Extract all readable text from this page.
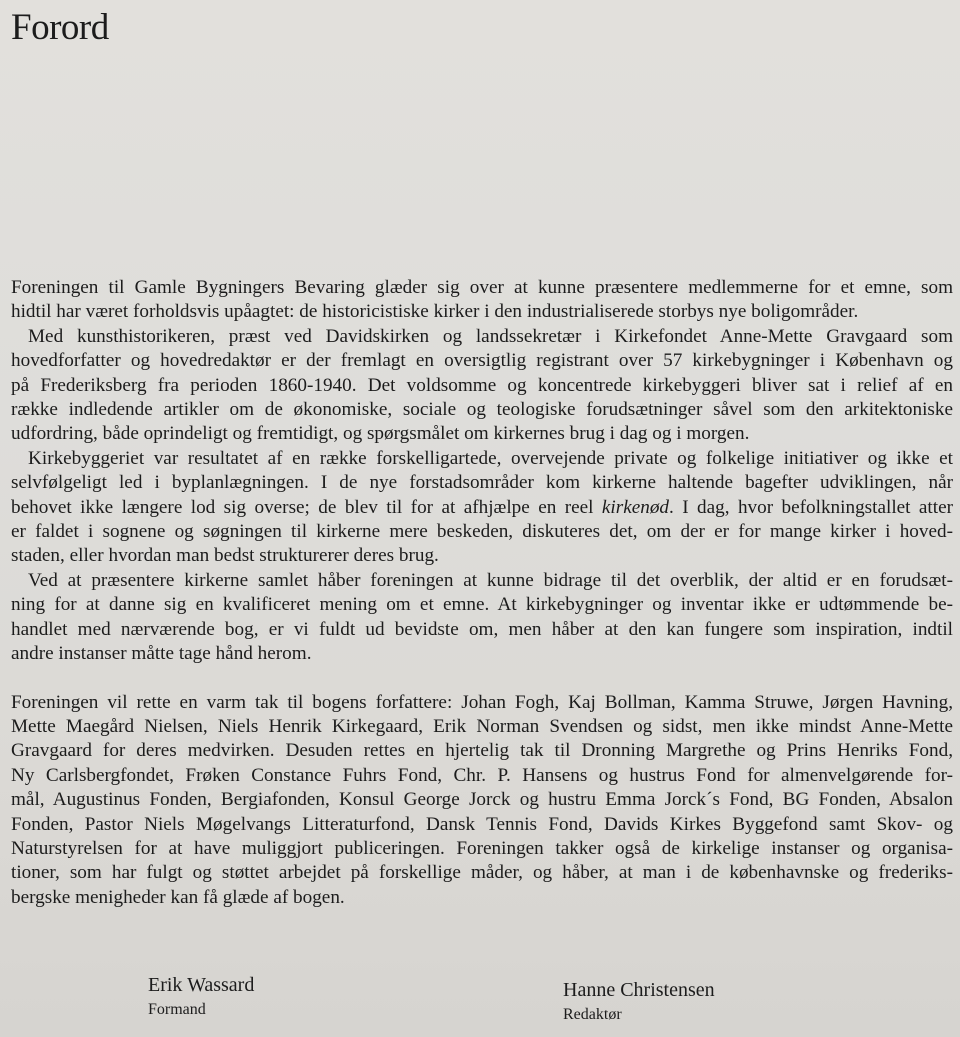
Forord
Foreningen til Gamle Bygningers Bevaring glæder sig over at kunne præsentere medlemmerne for et emne, som
hidtil har været forholdsvis upåagtet: de historicistiske kirker i den industrialiserede storbys nye boligområder.
Med kunsthistorikeren, præst ved Davidskirken og landssekretær i Kirkefondet Anne-Mette Gravgaard som
hovedforfatter og hovedredaktør er der fremlagt en oversigtlig registrant over 57 kirkebygninger i København og
på Frederiksberg fra perioden 1860-1940. Det voldsomme og koncentrede kirkebyggeri bliver sat i relief af en
række indledende artikler om de økonomiske, sociale og teologiske forudsætninger såvel som den arkitektoniske
udfordring, både oprindeligt og fremtidigt, og spørgsmålet om kirkernes brug i dag og i morgen.
Kirkebyggeriet var resultatet af en række forskelligartede, overvejende private og folkelige initiativer og ikke et
selvfølgeligt led i byplanlægningen. I de nye forstadsområder kom kirkerne haltende bagefter udviklingen, når
behovet ikke længere lod sig overse; de blev til for at afhjælpe en reel kirkenød. I dag, hvor befolkningstallet atter
er faldet i sognene og søgningen til kirkerne mere beskeden, diskuteres det, om der er for mange kirker i hoved-
staden, eller hvordan man bedst strukturerer deres brug.
Ved at præsentere kirkerne samlet håber foreningen at kunne bidrage til det overblik, der altid er en forudsæt-
ning for at danne sig en kvalificeret mening om et emne. At kirkebygninger og inventar ikke er udtømmende be-
handlet med nærværende bog, er vi fuldt ud bevidste om, men håber at den kan fungere som inspiration, indtil
andre instanser måtte tage hånd herom.
Foreningen vil rette en varm tak til bogens forfattere: Johan Fogh, Kaj Bollman, Kamma Struwe, Jørgen Havning,
Mette Maegård Nielsen, Niels Henrik Kirkegaard, Erik Norman Svendsen og sidst, men ikke mindst Anne-Mette
Gravgaard for deres medvirken. Desuden rettes en hjertelig tak til Dronning Margrethe og Prins Henriks Fond,
Ny Carlsbergfondet, Frøken Constance Fuhrs Fond, Chr. P. Hansens og hustrus Fond for almenvelgørende for-
mål, Augustinus Fonden, Bergiafonden, Konsul George Jorck og hustru Emma Jorck´s Fond, BG Fonden, Absalon
Fonden, Pastor Niels Møgelvangs Litteraturfond, Dansk Tennis Fond, Davids Kirkes Byggefond samt Skov- og
Naturstyrelsen for at have muliggjort publiceringen. Foreningen takker også de kirkelige instanser og organisa-
tioner, som har fulgt og støttet arbejdet på forskellige måder, og håber, at man i de københavnske og frederiks-
bergske menigheder kan få glæde af bogen.
Erik Wassard
Formand
Hanne Christensen
Redaktør
